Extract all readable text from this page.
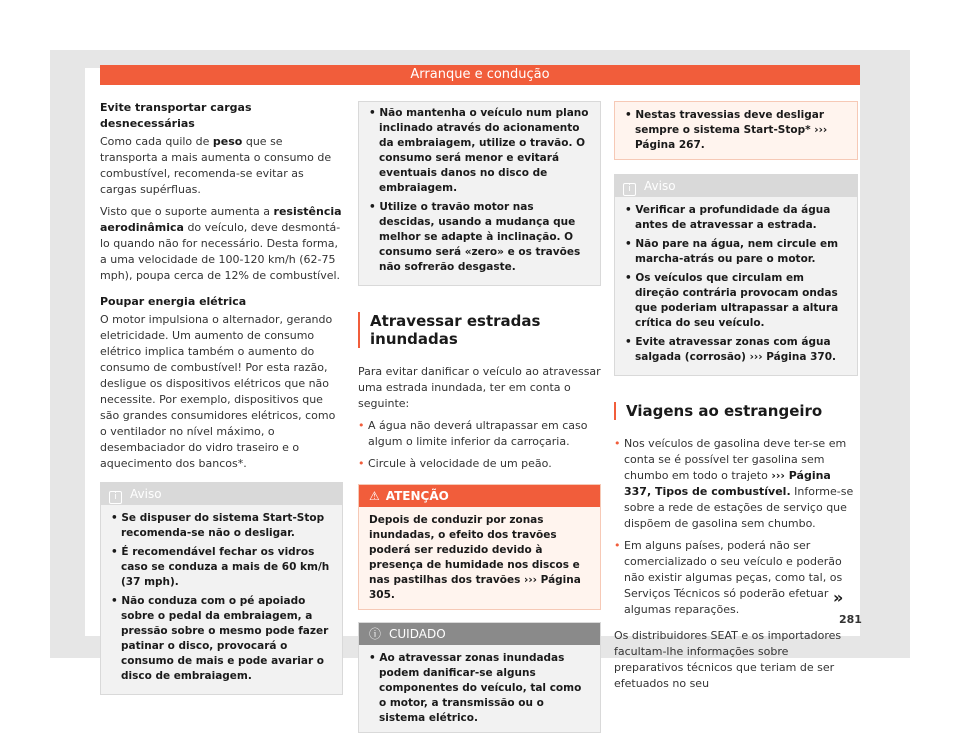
Arranque e condução

Evite transportar cargas desnecessárias

Como cada quilo de peso que se transporta a mais aumenta o consumo de combustível, recomenda-se evitar as cargas supérfluas.

Visto que o suporte aumenta a resistência aerodinâmica do veículo, deve desmontá-lo quando não for necessário. Desta forma, a uma velocidade de 100-120 km/h (62-75 mph), poupa cerca de 12% de combustível.

Poupar energia elétrica

O motor impulsiona o alternador, gerando eletricidade. Um aumento de consumo elétrico implica também o aumento do consumo de combustível! Por esta razão, desligue os dispositivos elétricos que não necessite. Por exemplo, dispositivos que são grandes consumidores elétricos, como o ventilador no nível máximo, o desembaciador do vidro traseiro e o aquecimento dos bancos*.

i Aviso

• Se dispuser do sistema Start-Stop recomenda-se não o desligar.

• É recomendável fechar os vidros caso se conduza a mais de 60 km/h (37 mph).

• Não conduza com o pé apoiado sobre o pedal da embraiagem, a pressão sobre o mesmo pode fazer patinar o disco, provocará o consumo de mais e pode avariar o disco de embraiagem.

• Não mantenha o veículo num plano inclinado através do acionamento da embraiagem, utilize o travão. O consumo será menor e evitará eventuais danos no disco de embraiagem.

• Utilize o travão motor nas descidas, usando a mudança que melhor se adapte à inclinação. O consumo será «zero» e os travões não sofrerão desgaste.

Atravessar estradas inundadas

Para evitar danificar o veículo ao atravessar uma estrada inundada, ter em conta o seguinte:

• A água não deverá ultrapassar em caso algum o limite inferior da carroçaria.

• Circule à velocidade de um peão.

⚠ ATENÇÃO
Depois de conduzir por zonas inundadas, o efeito dos travões poderá ser reduzido devido à presença de humidade nos discos e nas pastilhas dos travões ››› Página 305.
ⓘ CUIDADO
• Ao atravessar zonas inundadas podem danificar-se alguns componentes do veículo, tal como o motor, a transmissão ou o sistema elétrico.
• Nestas travessias deve desligar sempre o sistema Start-Stop* ››› Página 267.
i Aviso

• Verificar a profundidade da água antes de atravessar a estrada.

• Não pare na água, nem circule em marcha-atrás ou pare o motor.

• Os veículos que circulam em direção contrária provocam ondas que poderiam ultrapassar a altura crítica do seu veículo.

• Evite atravessar zonas com água salgada (corrosão) ››› Página 370.

Viagens ao estrangeiro

• Nos veículos de gasolina deve ter-se em conta se é possível ter gasolina sem chumbo em todo o trajeto ››› Página 337, Tipos de combustível. Informe-se sobre a rede de estações de serviço que dispõem de gasolina sem chumbo.

• Em alguns países, poderá não ser comercializado o seu veículo e poderão não existir algumas peças, como tal, os Serviços Técnicos só poderão efetuar algumas reparações.

Os distribuidores SEAT e os importadores facultam-lhe informações sobre preparativos técnicos que teriam de ser efetuados no seu

»
281
